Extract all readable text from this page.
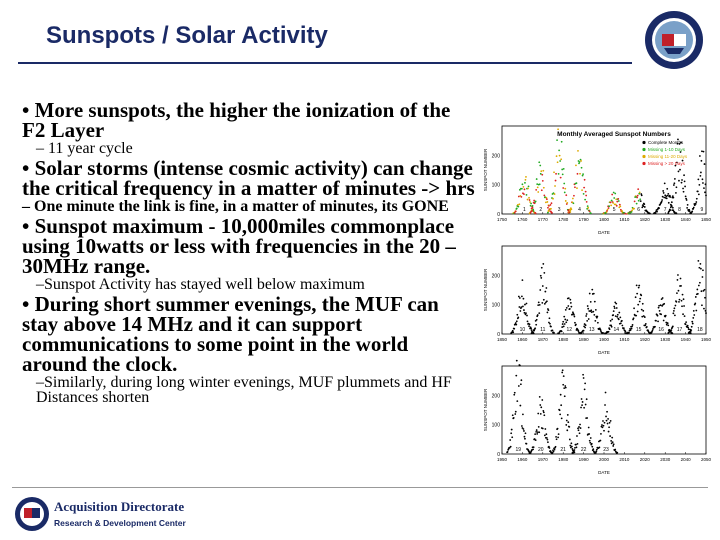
Sunspots / Solar Activity

• More sunspots, the higher the ionization of the F2 Layer

– 11 year cycle

• Solar storms (intense cosmic activity) can change the critical frequency in a matter of minutes -> hrs

– One minute the link is fine, in a matter of minutes, its GONE

• Sunspot maximum - 10,000miles commonplace using 10watts or less with frequencies in the 20 – 30MHz range.

–Sunspot Activity has stayed well below maximum

• During short summer evenings, the MUF can stay above 14 MHz and it can support communications to some point in the world around the clock.

–Similarly, during long winter evenings, MUF plummets and HF Distances shorten

Monthly Averaged Sunspot Numbers
SUNSPOT NUMBER
DATE
0
100
200
1750 1760 1770 1780 1790 1800 1810 1820 1830 1840 1850
1	2	3	4	5	6	7 8	9
Complete Months
Missing 1-10 Days
Missing 11-20 Days
Missing > 20 Days
SUNSPOT NUMBER
DATE
0
100
200
1850 1860 1870 1880 1890 1900 1910 1920 1930 1940 1950
10	11	12	13	14	15	16	17	18
SUNSPOT NUMBER
DATE
0
100
200
1950 1960 1970 1980 1990 2000 2010 2020 2030 2040 2050
19	20	21	22	23
Acquisition Directorate
Research & Development Center
